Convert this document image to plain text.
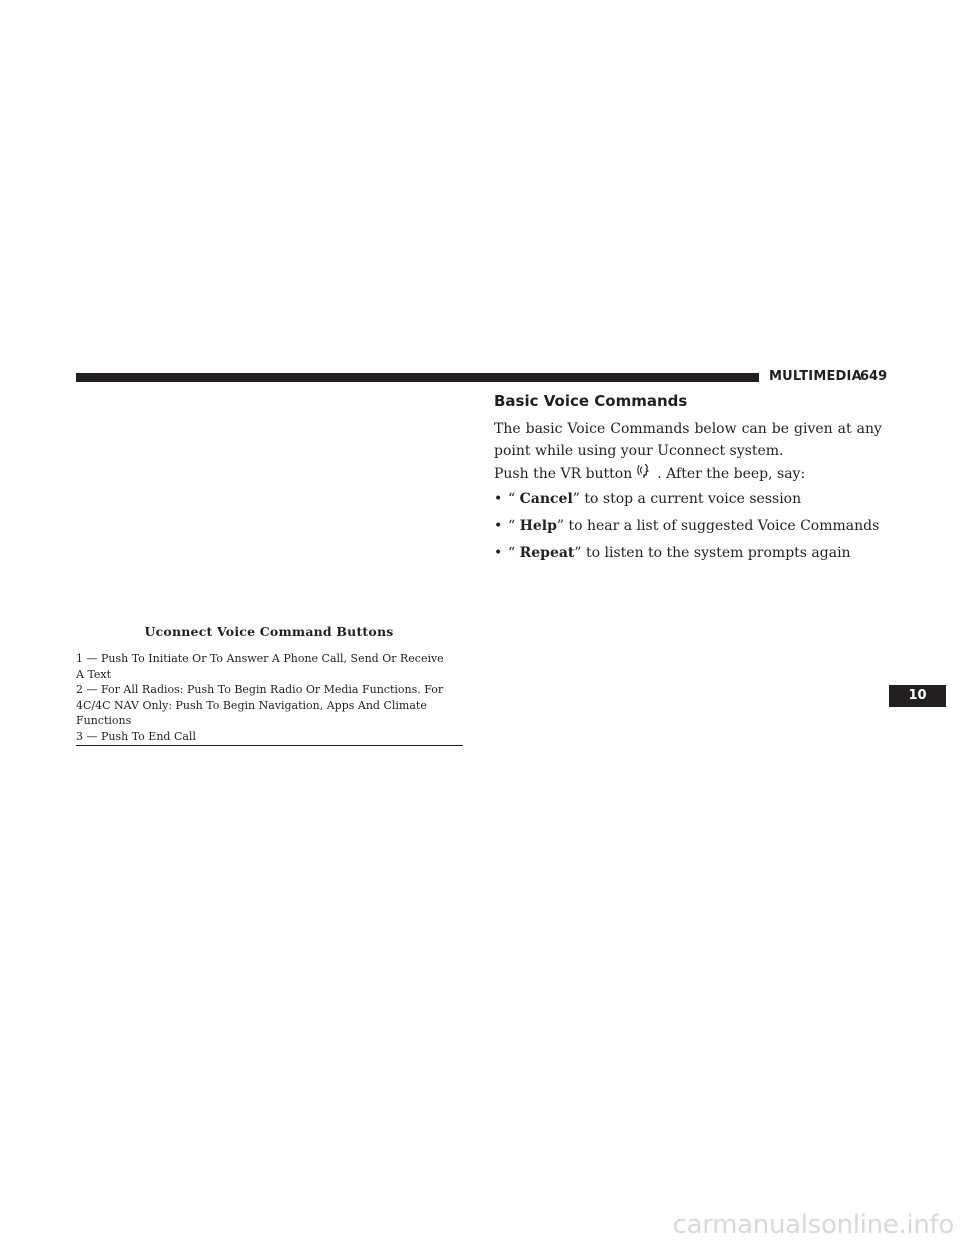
MULTIMEDIA
649
Uconnect Voice Command Buttons
1 — Push To Initiate Or To Answer A Phone Call, Send Or Receive
A Text
2 — For All Radios: Push To Begin Radio Or Media Functions. For
4C/4C NAV Only: Push To Begin Navigation, Apps And Climate
Functions
3 — Push To End Call
Basic Voice Commands
The basic Voice Commands below can be given at any
point while using your Uconnect system.
Push the VR button . After the beep, say:
• “ Cancel” to stop a current voice session
• “ Help” to hear a list of suggested Voice Commands
• “ Repeat” to listen to the system prompts again
10
carmanualsonline.info
